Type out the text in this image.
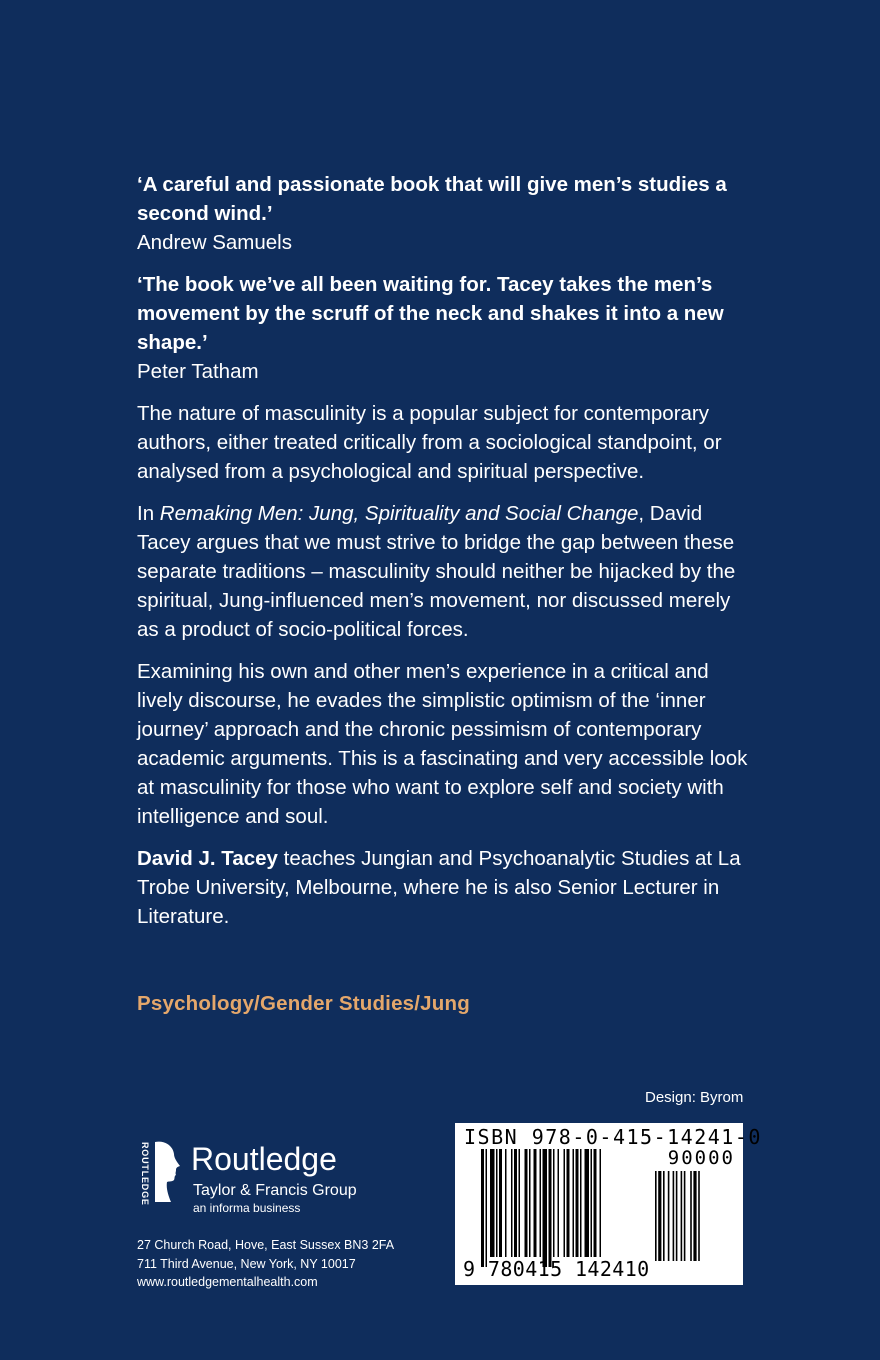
‘A careful and passionate book that will give men’s studies a second wind.’

Andrew Samuels

‘The book we’ve all been waiting for. Tacey takes the men’s movement by the scruff of the neck and shakes it into a new shape.’

Peter Tatham

The nature of masculinity is a popular subject for contemporary authors, either treated critically from a sociological standpoint, or analysed from a psychological and spiritual perspective.

In Remaking Men: Jung, Spirituality and Social Change, David Tacey argues that we must strive to bridge the gap between these separate traditions – masculinity should neither be hijacked by the spiritual, Jung-influenced men’s movement, nor discussed merely as a product of socio-political forces.

Examining his own and other men’s experience in a critical and lively discourse, he evades the simplistic optimism of the ‘inner journey’ approach and the chronic pessimism of contemporary academic arguments. This is a fascinating and very accessible look at masculinity for those who want to explore self and society with intelligence and soul.

David J. Tacey teaches Jungian and Psychoanalytic Studies at La Trobe University, Melbourne, where he is also Senior Lecturer in Literature.

Psychology/Gender Studies/Jung
Design: Byrom
ROUTLEDGE Routledge
Taylor & Francis Group
an informa business
27 Church Road, Hove, East Sussex BN3 2FA
711 Third Avenue, New York, NY 10017
www.routledgementalhealth.com
ISBN 978-0-415-14241-0
90000
9 780415 142410
